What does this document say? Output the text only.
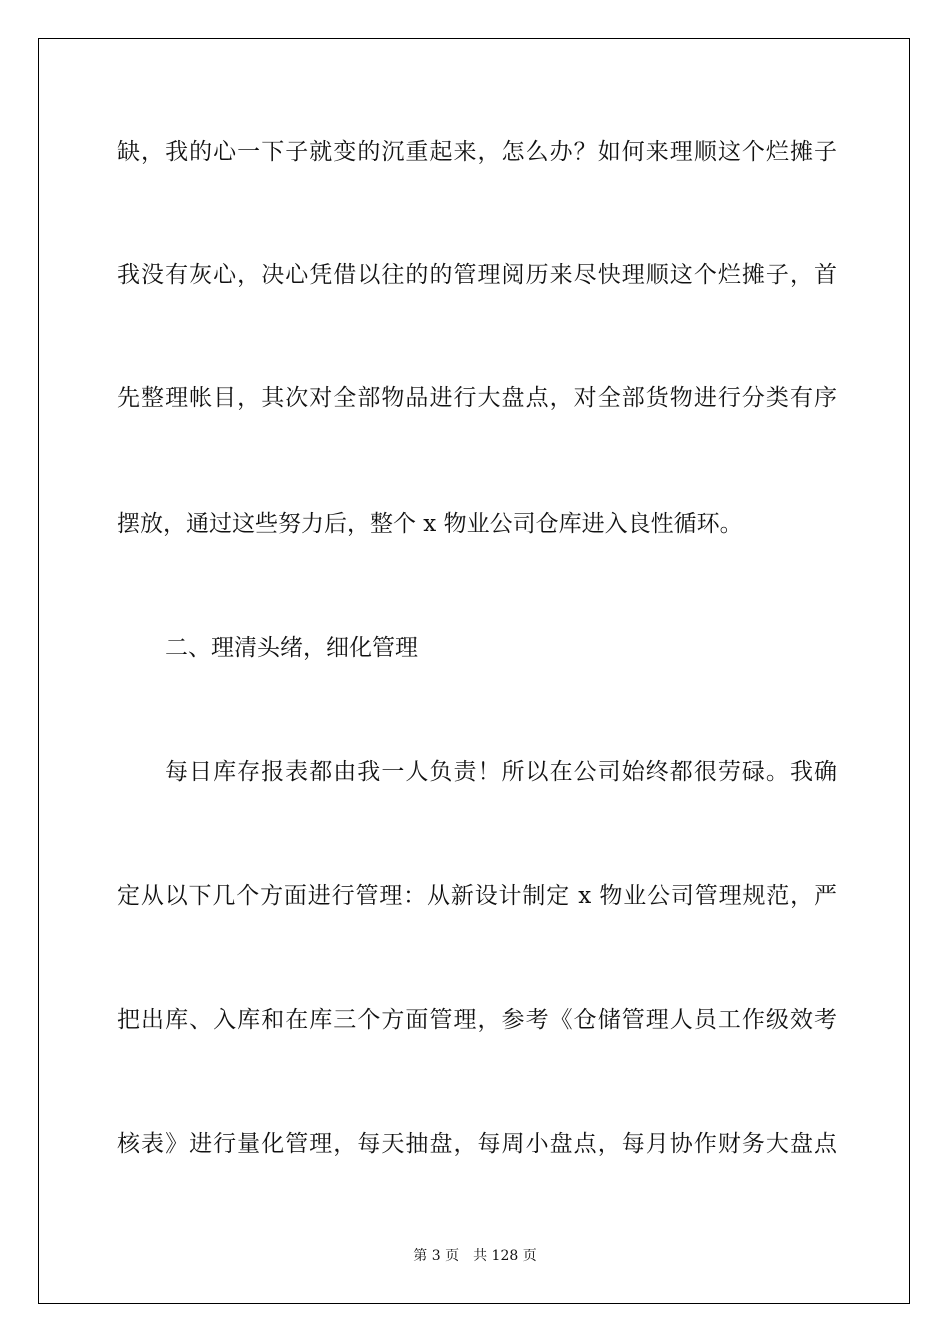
缺，我的心一下子就变的沉重起来，怎么办？如何来理顺这个烂摊子
我没有灰心，决心凭借以往的的管理阅历来尽快理顺这个烂摊子，首
先整理帐目，其次对全部物品进行大盘点，对全部货物进行分类有序
摆放，通过这些努力后，整个 x 物业公司仓库进入良性循环。
二、理清头绪，细化管理
每日库存报表都由我一人负责！所以在公司始终都很劳碌。我确
定从以下几个方面进行管理：从新设计制定 x 物业公司管理规范，严
把出库、入库和在库三个方面管理，参考《仓储管理人员工作级效考
核表》进行量化管理，每天抽盘，每周小盘点，每月协作财务大盘点
第 3 页 共 128 页
